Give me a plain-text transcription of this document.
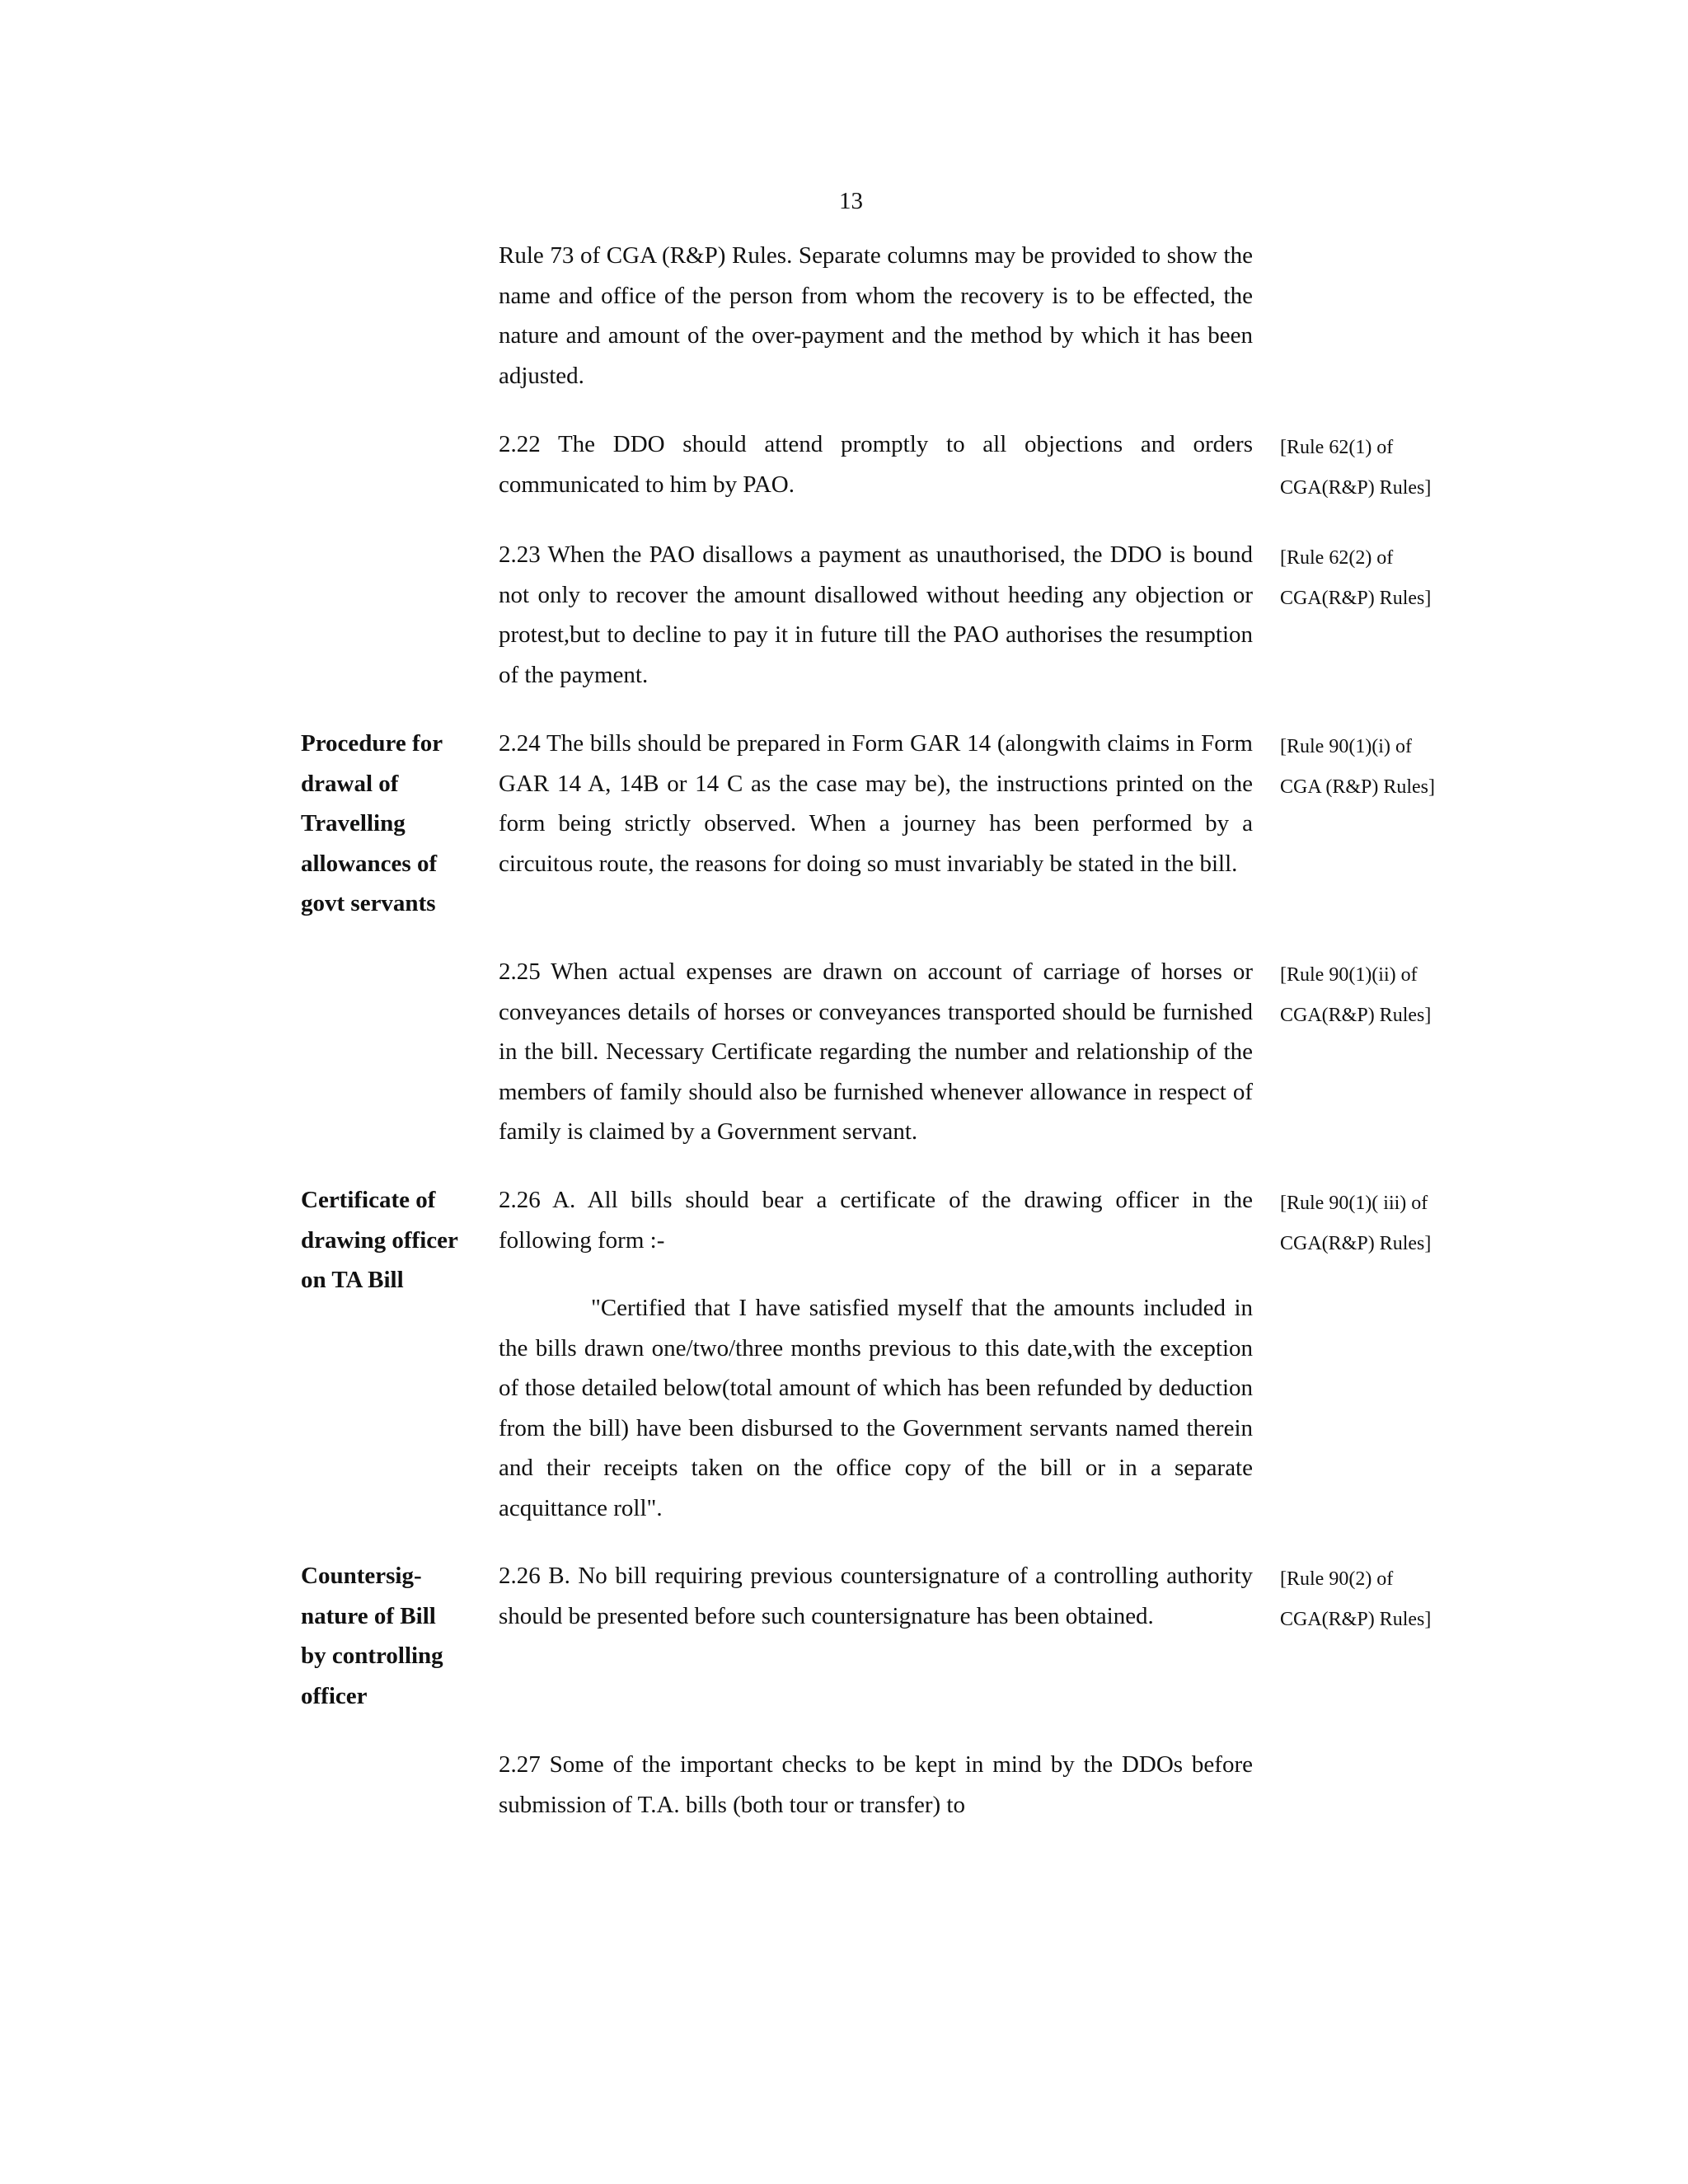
13
Rule 73 of CGA (R&P) Rules. Separate columns may be provided to show the name and office of the person from whom the recovery is to be effected, the nature and amount of the over-payment and the method by which it has been adjusted.
2.22 The DDO should attend promptly to all objections and orders communicated to him by PAO.
[Rule 62(1) of
CGA(R&P) Rules]
2.23 When the PAO disallows a payment as unauthorised, the DDO is bound not only to recover the amount disallowed without heeding any objection or protest,but to decline to pay it in future till the PAO authorises the resumption of the payment.
[Rule 62(2) of
CGA(R&P) Rules]
Procedure for
drawal of
Travelling
allowances of
govt servants
2.24 The bills should be prepared in Form GAR 14 (alongwith claims in Form GAR 14 A, 14B or 14 C as the case may be), the instructions printed on the form being strictly observed. When a journey has been performed by a circuitous route, the reasons for doing so must invariably be stated in the bill.
[Rule 90(1)(i) of
CGA (R&P) Rules]
2.25 When actual expenses are drawn on account of carriage of horses or conveyances details of horses or conveyances transported should be furnished in the bill. Necessary Certificate regarding the number and relationship of the members of family should also be furnished whenever allowance in respect of family is claimed by a Government servant.
[Rule 90(1)(ii) of
CGA(R&P) Rules]
Certificate of
drawing officer
on TA Bill
2.26 A. All bills should bear a certificate of the drawing officer in the following form :-
[Rule 90(1)( iii) of
CGA(R&P) Rules]
"Certified that I have satisfied myself that the amounts included in the bills drawn one/two/three months previous to this date,with the exception of those detailed below(total amount of which has been refunded by deduction from the bill) have been disbursed to the Government servants named therein and their receipts taken on the office copy of the bill or in a separate acquittance roll".
Countersig-
nature of Bill
by controlling
officer
2.26 B. No bill requiring previous countersignature of a controlling authority should be presented before such countersignature has been obtained.
[Rule 90(2) of
CGA(R&P) Rules]
2.27 Some of the important checks to be kept in mind by the DDOs before submission of T.A. bills (both tour or transfer) to
